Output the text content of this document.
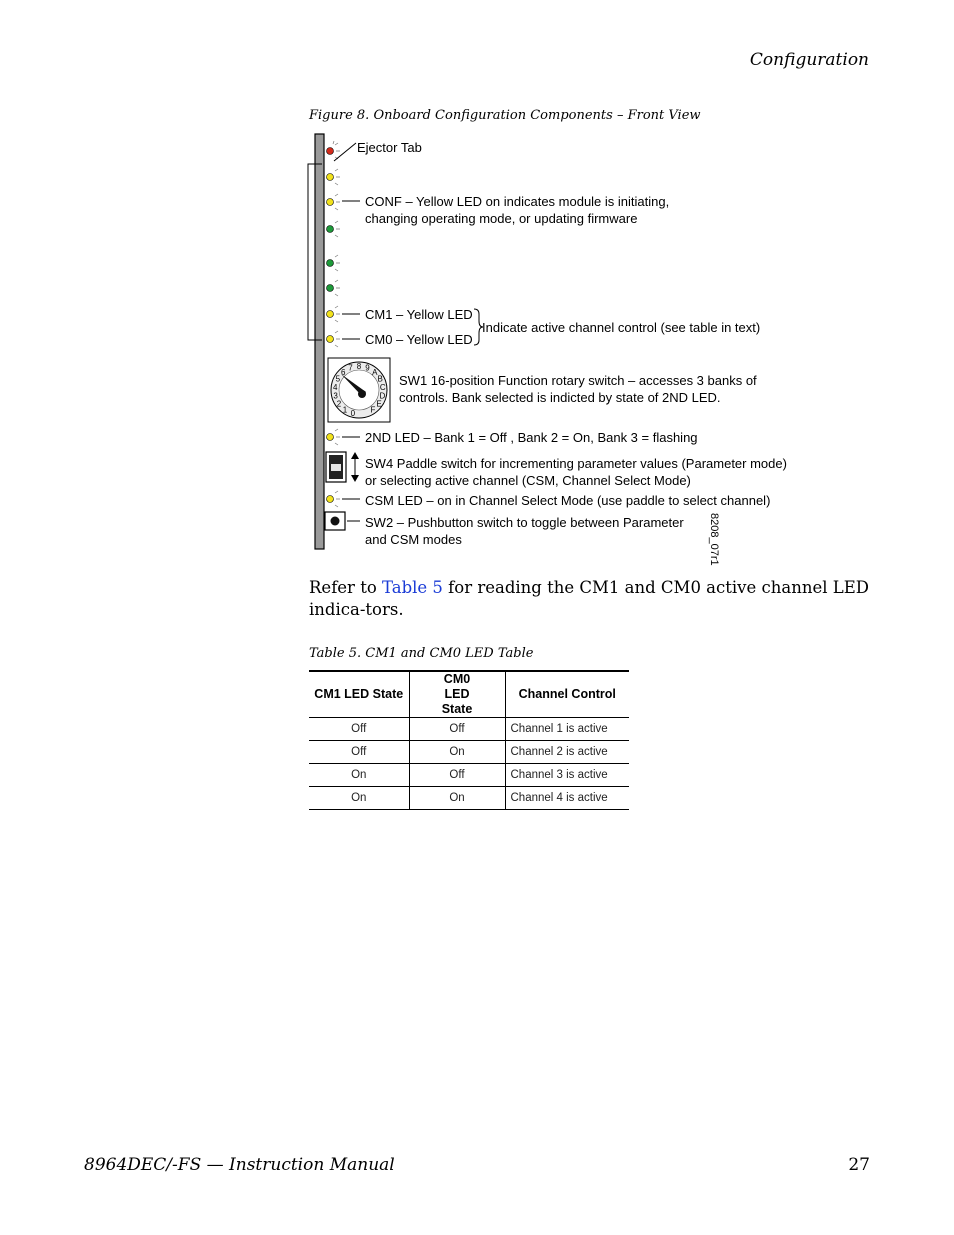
Configuration
Figure 8. Onboard Configuration Components – Front View
0
1
2
3
4
5
6 7 8 9 A
B
C
D
E
F
Ejector Tab
CONF – Yellow LED on indicates module is initiating,
changing operating mode, or updating firmware
CM1 – Yellow LED
CM0 – Yellow LED
Indicate active channel control (see table in text)
SW1 16-position Function rotary switch – accesses 3 banks of
controls. Bank selected is indicted by state of 2ND LED.
2ND LED – Bank 1 = Off , Bank 2 = On, Bank 3 = flashing
SW4 Paddle switch for incrementing parameter values (Parameter mode)
or selecting active channel (CSM, Channel Select Mode)
CSM LED – on in Channel Select Mode (use paddle to select channel)
SW2 – Pushbutton switch to toggle between Parameter
and CSM modes	8208_07r1
Refer to Table 5 for reading the CM1 and CM0 active channel LED indica-tors.
Table 5. CM1 and CM0 LED Table
CM1 LED State	CM0 LED State	Channel Control
Off	Off	Channel 1 is active
Off	On	Channel 2 is active
On	Off	Channel 3 is active
On	On	Channel 4 is active
8964DEC/-FS — Instruction Manual	27
